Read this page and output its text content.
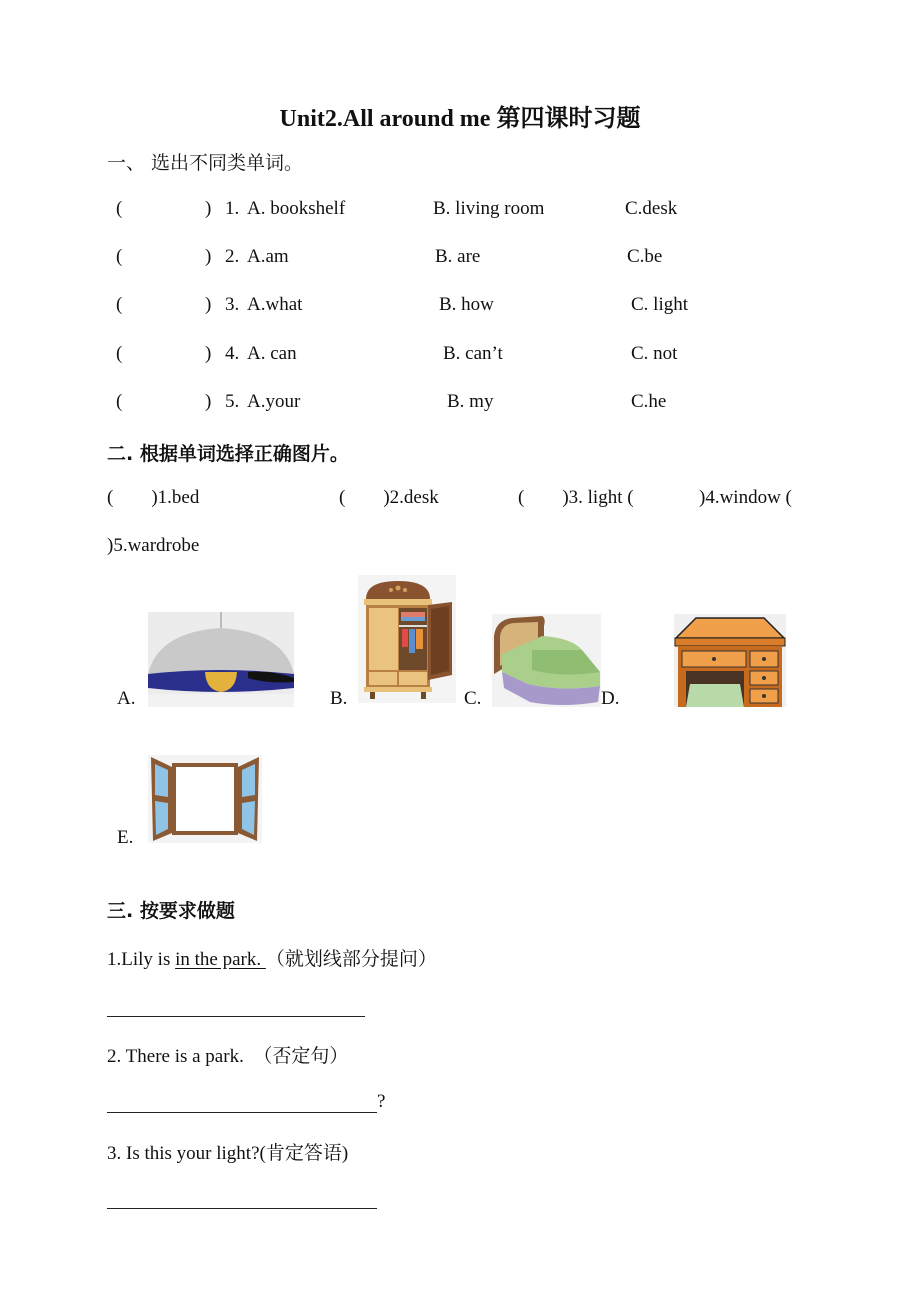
Unit2.All around me 第四课时习题
一、 选出不同类单词。
(	) 1. A. bookshelf	B. living room	C.desk
(	) 2. A.am	B. are	C.be
(	) 3. A.what	B. how	C. light
(	) 4. A. can	B. can’t	C. not
(	) 5. A.your	B. my	C.he
二. 根据单词选择正确图片。
(        )1.bed	(        )2.desk	(        )3. light ( )4.window (
)5.wardrobe
A.	B.	C.	D.
E.
三. 按要求做题
1.Lily is in the park. （就划线部分提问）
2. There is a park.  （否定句）
?
3. Is this your light?(肯定答语)
